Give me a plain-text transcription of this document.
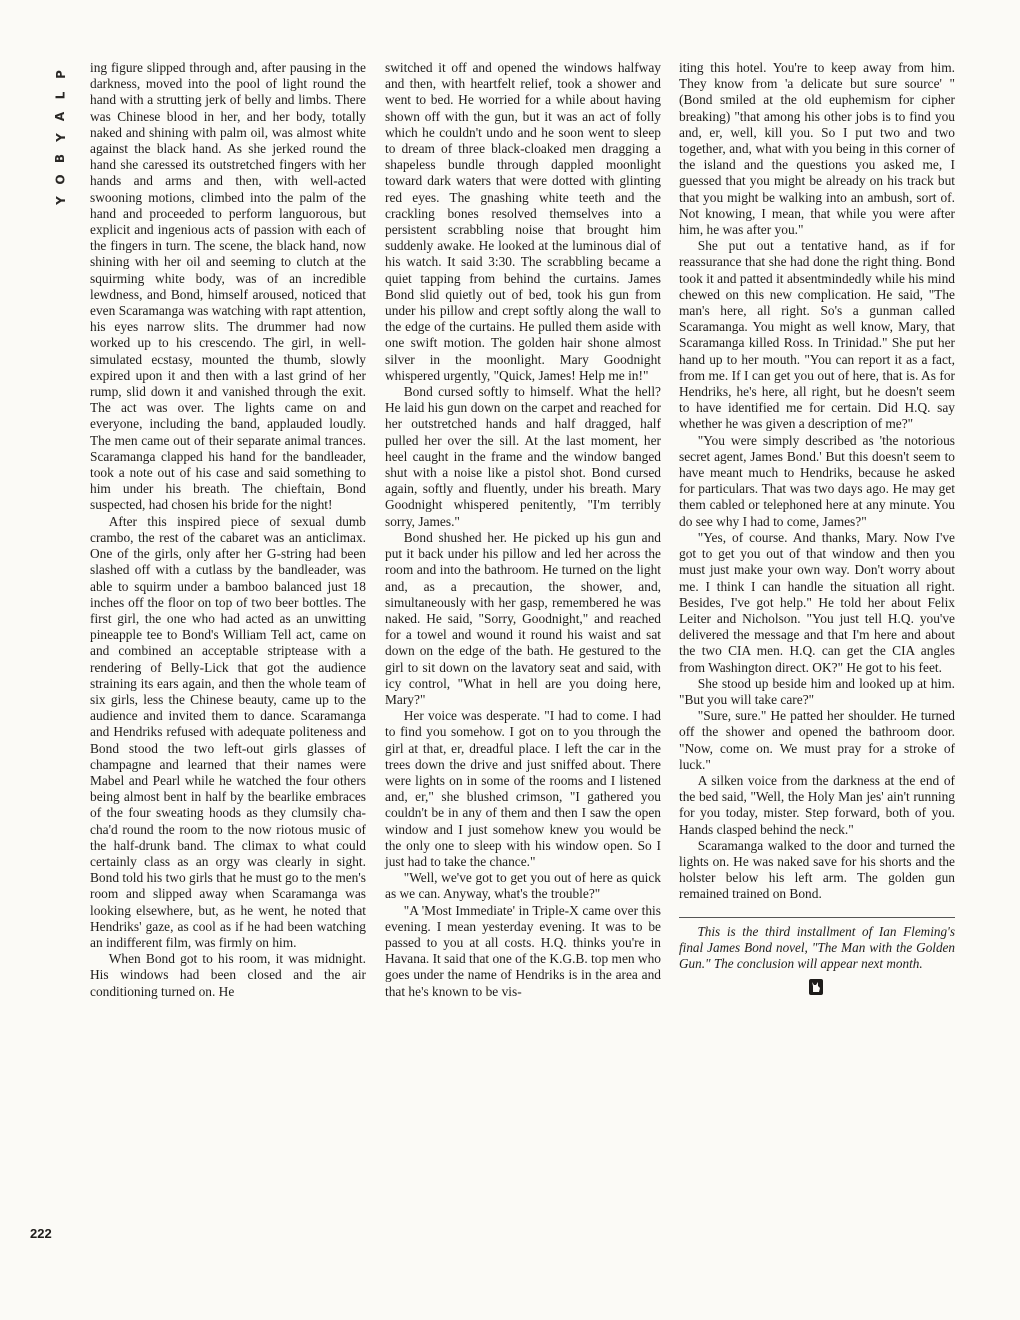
P
L
A
Y
B
O
Y

ing figure slipped through and, after pausing in the darkness, moved into the pool of light round the hand with a strutting jerk of belly and limbs. There was Chinese blood in her, and her body, totally naked and shining with palm oil, was almost white against the black hand. As she jerked round the hand she caressed its outstretched fingers with her hands and arms and then, with well-acted swooning motions, climbed into the palm of the hand and proceeded to perform languorous, but explicit and ingenious acts of passion with each of the fingers in turn. The scene, the black hand, now shining with her oil and seeming to clutch at the squirming white body, was of an incredible lewdness, and Bond, himself aroused, noticed that even Scaramanga was watching with rapt attention, his eyes narrow slits. The drummer had now worked up to his crescendo. The girl, in well-simulated ecstasy, mounted the thumb, slowly expired upon it and then with a last grind of her rump, slid down it and vanished through the exit. The act was over. The lights came on and everyone, including the band, applauded loudly. The men came out of their separate animal trances. Scaramanga clapped his hand for the bandleader, took a note out of his case and said something to him under his breath. The chieftain, Bond suspected, had chosen his bride for the night!

After this inspired piece of sexual dumb crambo, the rest of the cabaret was an anticlimax. One of the girls, only after her G-string had been slashed off with a cutlass by the bandleader, was able to squirm under a bamboo balanced just 18 inches off the floor on top of two beer bottles. The first girl, the one who had acted as an unwitting pineapple tee to Bond's William Tell act, came on and combined an acceptable striptease with a rendering of Belly-Lick that got the audience straining its ears again, and then the whole team of six girls, less the Chinese beauty, came up to the audience and invited them to dance. Scaramanga and Hendriks refused with adequate politeness and Bond stood the two left-out girls glasses of champagne and learned that their names were Mabel and Pearl while he watched the four others being almost bent in half by the bearlike embraces of the four sweating hoods as they clumsily cha-cha'd round the room to the now riotous music of the half-drunk band. The climax to what could certainly class as an orgy was clearly in sight. Bond told his two girls that he must go to the men's room and slipped away when Scaramanga was looking elsewhere, but, as he went, he noted that Hendriks' gaze, as cool as if he had been watching an indifferent film, was firmly on him.

When Bond got to his room, it was midnight. His windows had been closed and the air conditioning turned on. He

switched it off and opened the windows halfway and then, with heartfelt relief, took a shower and went to bed. He worried for a while about having shown off with the gun, but it was an act of folly which he couldn't undo and he soon went to sleep to dream of three black-cloaked men dragging a shapeless bundle through dappled moonlight toward dark waters that were dotted with glinting red eyes. The gnashing white teeth and the crackling bones resolved themselves into a persistent scrabbling noise that brought him suddenly awake. He looked at the luminous dial of his watch. It said 3:30. The scrabbling became a quiet tapping from behind the curtains. James Bond slid quietly out of bed, took his gun from under his pillow and crept softly along the wall to the edge of the curtains. He pulled them aside with one swift motion. The golden hair shone almost silver in the moonlight. Mary Goodnight whispered urgently, "Quick, James! Help me in!"

Bond cursed softly to himself. What the hell? He laid his gun down on the carpet and reached for her outstretched hands and half dragged, half pulled her over the sill. At the last moment, her heel caught in the frame and the window banged shut with a noise like a pistol shot. Bond cursed again, softly and fluently, under his breath. Mary Goodnight whispered penitently, "I'm terribly sorry, James."

Bond shushed her. He picked up his gun and put it back under his pillow and led her across the room and into the bathroom. He turned on the light and, as a precaution, the shower, and, simultaneously with her gasp, remembered he was naked. He said, "Sorry, Goodnight," and reached for a towel and wound it round his waist and sat down on the edge of the bath. He gestured to the girl to sit down on the lavatory seat and said, with icy control, "What in hell are you doing here, Mary?"

Her voice was desperate. "I had to come. I had to find you somehow. I got on to you through the girl at that, er, dreadful place. I left the car in the trees down the drive and just sniffed about. There were lights on in some of the rooms and I listened and, er," she blushed crimson, "I gathered you couldn't be in any of them and then I saw the open window and I just somehow knew you would be the only one to sleep with his window open. So I just had to take the chance."

"Well, we've got to get you out of here as quick as we can. Anyway, what's the trouble?"

"A 'Most Immediate' in Triple-X came over this evening. I mean yesterday evening. It was to be passed to you at all costs. H.Q. thinks you're in Havana. It said that one of the K.G.B. top men who goes under the name of Hendriks is in the area and that he's known to be vis-

iting this hotel. You're to keep away from him. They know from 'a delicate but sure source' " (Bond smiled at the old euphemism for cipher breaking) "that among his other jobs is to find you and, er, well, kill you. So I put two and two together, and, what with you being in this corner of the island and the questions you asked me, I guessed that you might be already on his track but that you might be walking into an ambush, sort of. Not knowing, I mean, that while you were after him, he was after you."

She put out a tentative hand, as if for reassurance that she had done the right thing. Bond took it and patted it absentmindedly while his mind chewed on this new complication. He said, "The man's here, all right. So's a gunman called Scaramanga. You might as well know, Mary, that Scaramanga killed Ross. In Trinidad." She put her hand up to her mouth. "You can report it as a fact, from me. If I can get you out of here, that is. As for Hendriks, he's here, all right, but he doesn't seem to have identified me for certain. Did H.Q. say whether he was given a description of me?"

"You were simply described as 'the notorious secret agent, James Bond.' But this doesn't seem to have meant much to Hendriks, because he asked for particulars. That was two days ago. He may get them cabled or telephoned here at any minute. You do see why I had to come, James?"

"Yes, of course. And thanks, Mary. Now I've got to get you out of that window and then you must just make your own way. Don't worry about me. I think I can handle the situation all right. Besides, I've got help." He told her about Felix Leiter and Nicholson. "You just tell H.Q. you've delivered the message and that I'm here and about the two CIA men. H.Q. can get the CIA angles from Washington direct. OK?" He got to his feet.

She stood up beside him and looked up at him. "But you will take care?"

"Sure, sure." He patted her shoulder. He turned off the shower and opened the bathroom door. "Now, come on. We must pray for a stroke of luck."

A silken voice from the darkness at the end of the bed said, "Well, the Holy Man jes' ain't running for you today, mister. Step forward, both of you. Hands clasped behind the neck."

Scaramanga walked to the door and turned the lights on. He was naked save for his shorts and the holster below his left arm. The golden gun remained trained on Bond.

This is the third installment of Ian Fleming's final James Bond novel, "The Man with the Golden Gun." The conclusion will appear next month.

222
